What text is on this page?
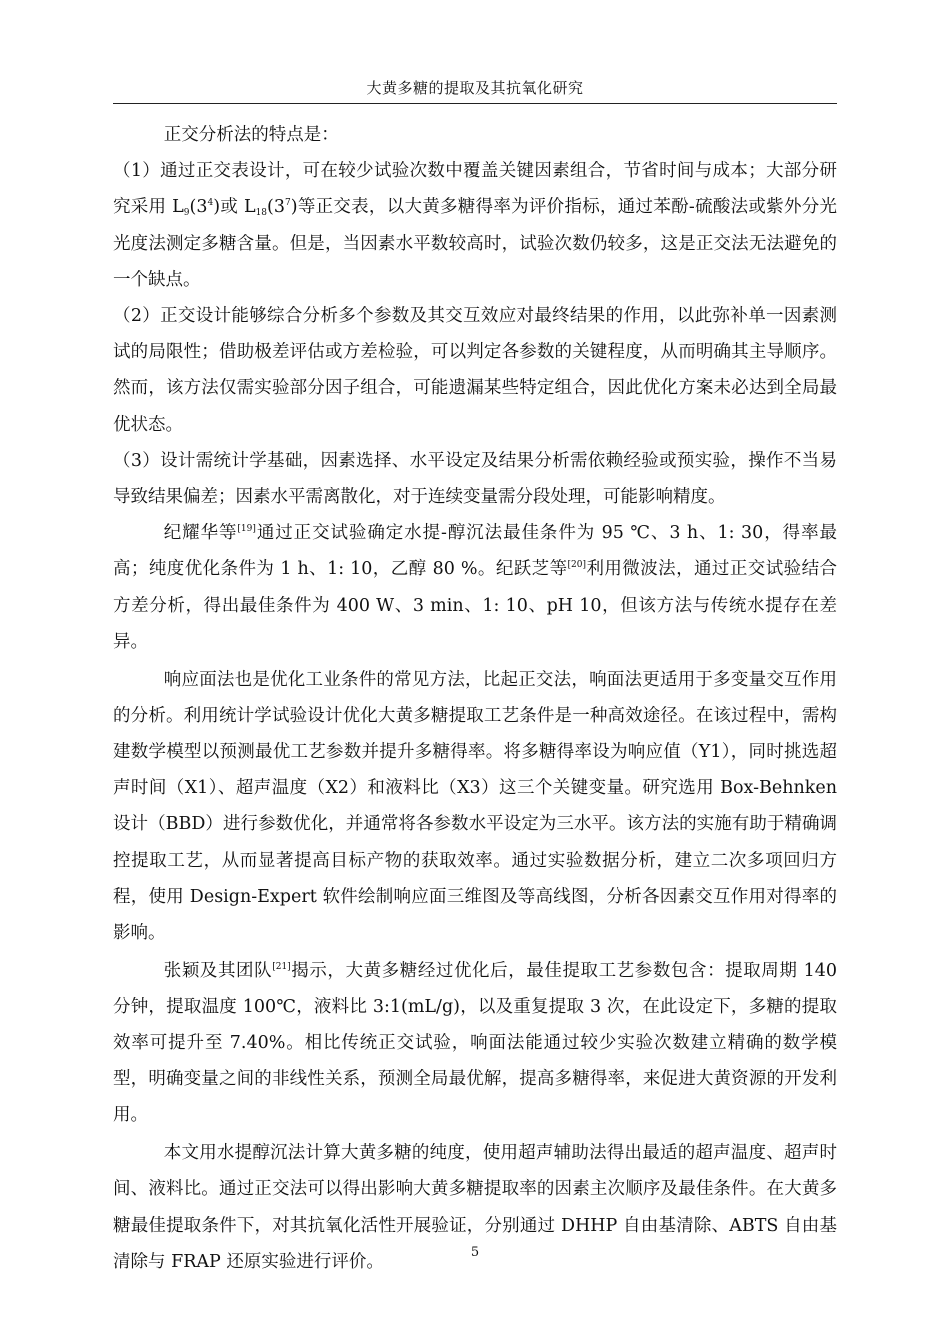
大黄多糖的提取及其抗氧化研究

正交分析法的特点是：

（1）通过正交表设计，可在较少试验次数中覆盖关键因素组合，节省时间与成本；大部分研究采用 $L_9(3^4)$或 $L_{18}(3^7)$等正交表，以大黄多糖得率为评价指标，通过苯酚-硫酸法或紫外分光光度法测定多糖含量。但是，当因素水平数较高时，试验次数仍较多，这是正交法无法避免的一个缺点。

（2）正交设计能够综合分析多个参数及其交互效应对最终结果的作用，以此弥补单一因素测试的局限性；借助极差评估或方差检验，可以判定各参数的关键程度，从而明确其主导顺序。然而，该方法仅需实验部分因子组合，可能遗漏某些特定组合，因此优化方案未必达到全局最优状态。

（3）设计需统计学基础，因素选择、水平设定及结果分析需依赖经验或预实验，操作不当易导致结果偏差；因素水平需离散化，对于连续变量需分段处理，可能影响精度。

纪耀华等[19]通过正交试验确定水提-醇沉法最佳条件为 95 ℃、3 h、1: 30，得率最高；纯度优化条件为 1 h、1: 10，乙醇 80 %。纪跃芝等[20]利用微波法，通过正交试验结合方差分析，得出最佳条件为 400 W、3 min、1: 10、pH 10，但该方法与传统水提存在差异。

响应面法也是优化工业条件的常见方法，比起正交法，响面法更适用于多变量交互作用的分析。利用统计学试验设计优化大黄多糖提取工艺条件是一种高效途径。在该过程中，需构建数学模型以预测最优工艺参数并提升多糖得率。将多糖得率设为响应值（Y1），同时挑选超声时间（X1）、超声温度（X2）和液料比（X3）这三个关键变量。研究选用 Box-Behnken 设计（BBD）进行参数优化，并通常将各参数水平设定为三水平。该方法的实施有助于精确调控提取工艺，从而显著提高目标产物的获取效率。通过实验数据分析，建立二次多项回归方程，使用 Design-Expert 软件绘制响应面三维图及等高线图，分析各因素交互作用对得率的影响。

张颖及其团队[21]揭示，大黄多糖经过优化后，最佳提取工艺参数包含：提取周期 140 分钟，提取温度 100℃，液料比 3:1(mL/g)，以及重复提取 3 次，在此设定下，多糖的提取效率可提升至 7.40%。相比传统正交试验，响面法能通过较少实验次数建立精确的数学模型，明确变量之间的非线性关系，预测全局最优解，提高多糖得率，来促进大黄资源的开发利用。

本文用水提醇沉法计算大黄多糖的纯度，使用超声辅助法得出最适的超声温度、超声时间、液料比。通过正交法可以得出影响大黄多糖提取率的因素主次顺序及最佳条件。在大黄多糖最佳提取条件下，对其抗氧化活性开展验证，分别通过 DHHP 自由基清除、ABTS 自由基清除与 FRAP 还原实验进行评价。	5
